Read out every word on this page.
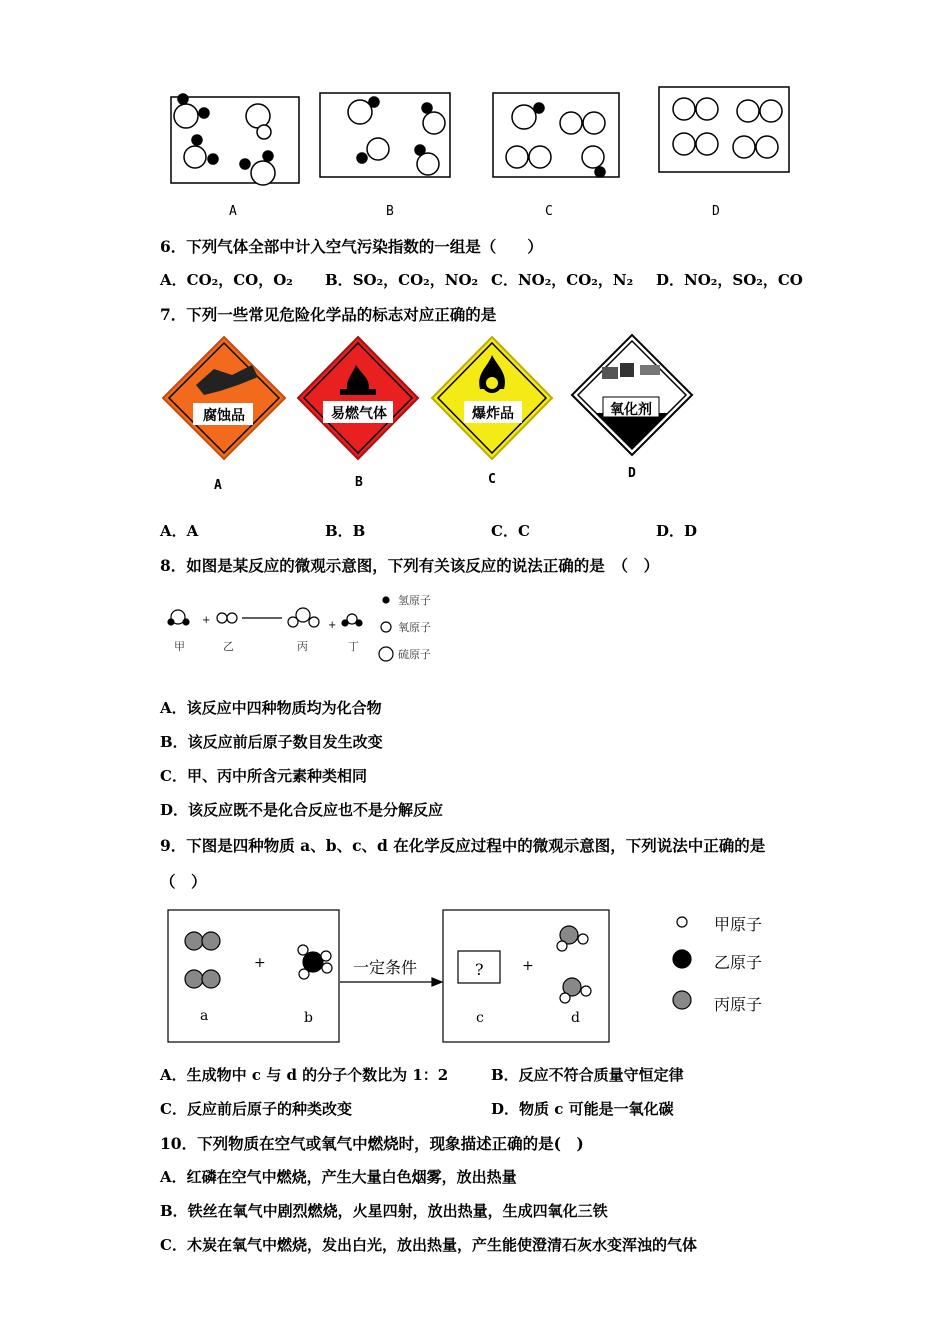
A	B	C	D
6．下列气体全部中计入空气污染指数的一组是（　　）
A．CO₂，CO，O₂ B．SO₂，CO₂，NO₂ C．NO₂，CO₂，N₂ D．NO₂，SO₂，CO
7．下列一些常见危险化学品的标志对应正确的是
腐蚀品	易燃气体	爆炸品	氧化剂
A	B	C	D
A．A	B．B	C．C	D．D
8．如图是某反应的微观示意图，下列有关该反应的说法正确的是　（　）
+	+
甲	乙	丙	丁
氢原子
氧原子
硫原子
A．该反应中四种物质均为化合物
B．该反应前后原子数目发生改变
C．甲、丙中所含元素种类相同
D．该反应既不是化合反应也不是分解反应
9．下图是四种物质 a、b、c、d 在化学反应过程中的微观示意图，下列说法中正确的是
（　）
+	+
一定条件	?
a	b	c	d
甲原子
乙原子
丙原子
A．生成物中 c 与 d 的分子个数比为 1：2	B．反应不符合质量守恒定律
C．反应前后原子的种类改变	D．物质 c 可能是一氧化碳
10．下列物质在空气或氧气中燃烧时，现象描述正确的是(　)
A．红磷在空气中燃烧，产生大量白色烟雾，放出热量
B．铁丝在氧气中剧烈燃烧，火星四射，放出热量，生成四氧化三铁
C．木炭在氧气中燃烧，发出白光，放出热量，产生能使澄清石灰水变浑浊的气体
